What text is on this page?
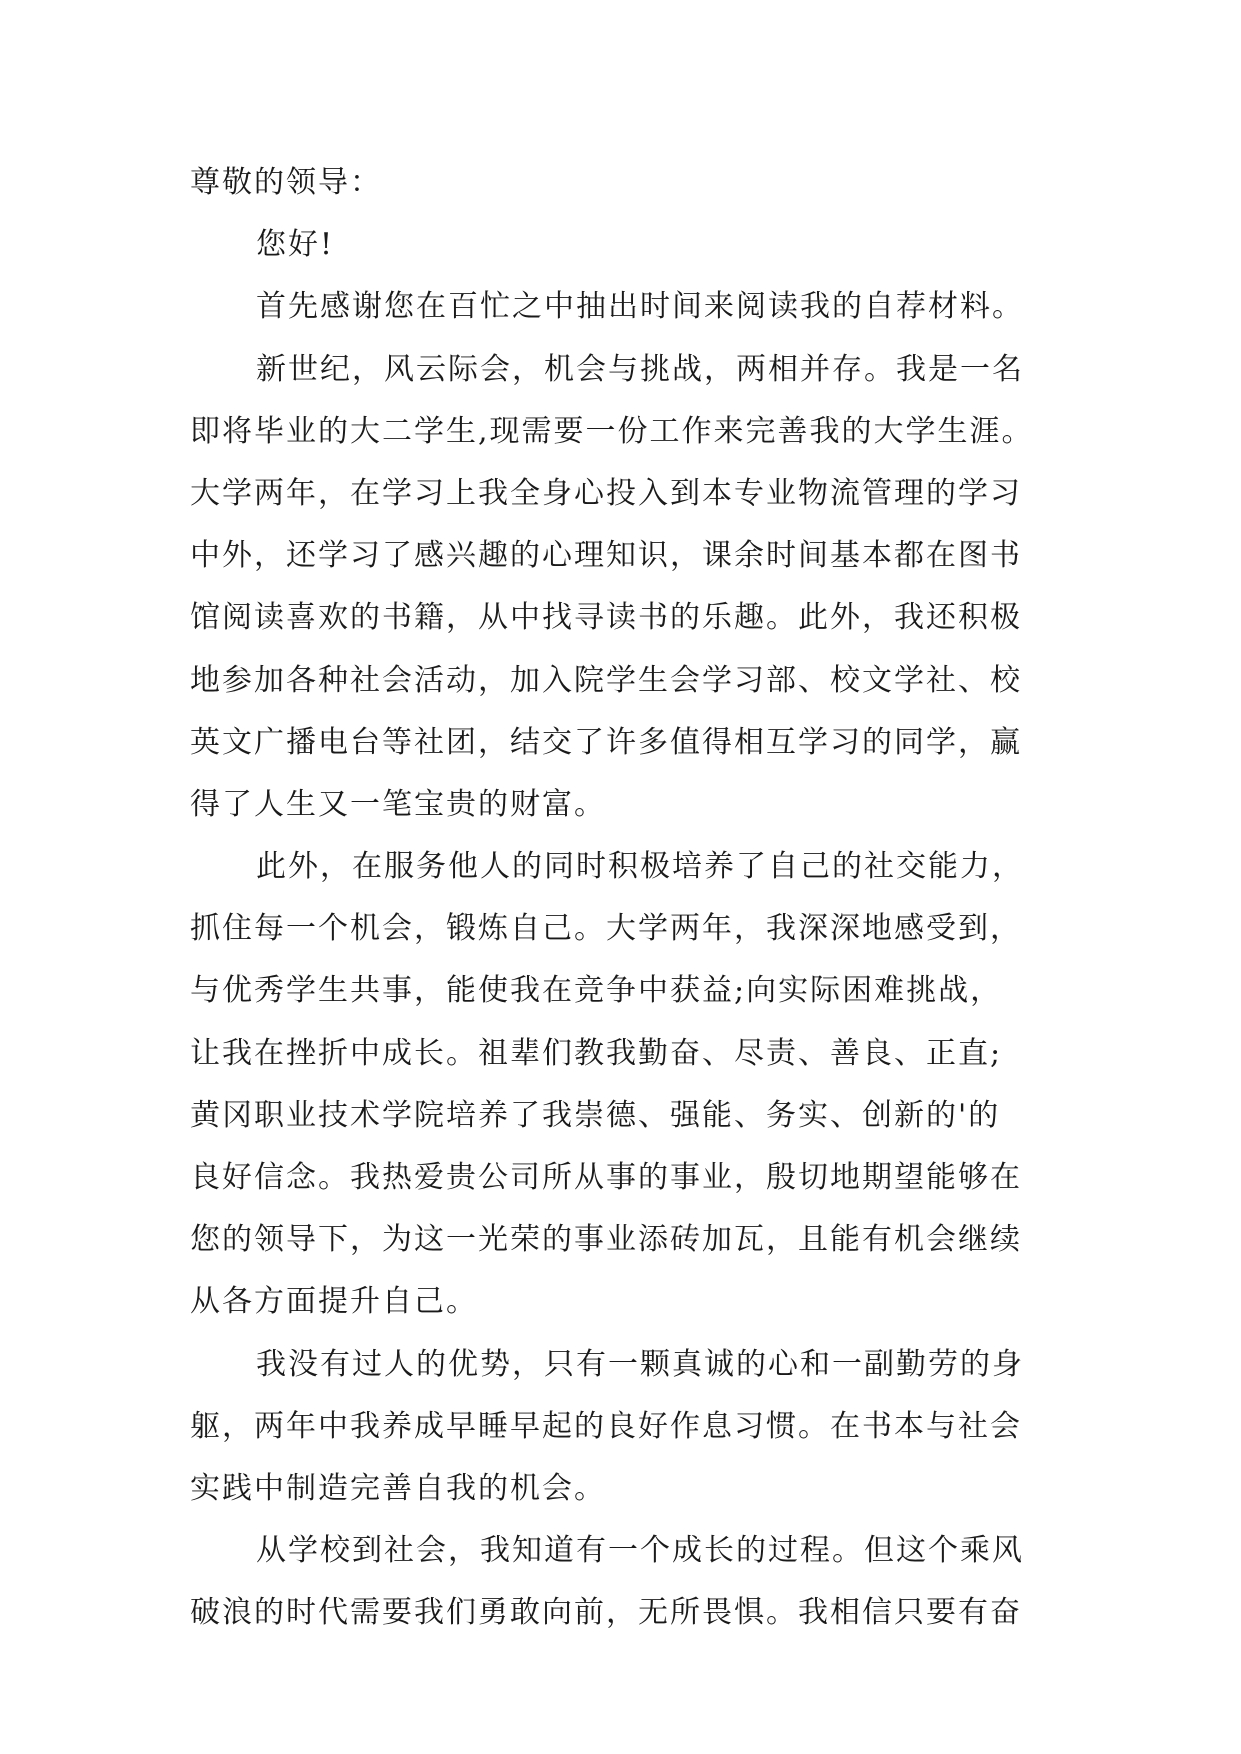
尊敬的领导：
您好!
首先感谢您在百忙之中抽出时间来阅读我的自荐材料。
新世纪，风云际会，机会与挑战，两相并存。我是一名
即将毕业的大二学生,现需要一份工作来完善我的大学生涯。
大学两年，在学习上我全身心投入到本专业物流管理的学习
中外，还学习了感兴趣的心理知识，课余时间基本都在图书
馆阅读喜欢的书籍，从中找寻读书的乐趣。此外，我还积极
地参加各种社会活动，加入院学生会学习部、校文学社、校
英文广播电台等社团，结交了许多值得相互学习的同学，赢
得了人生又一笔宝贵的财富。
此外，在服务他人的同时积极培养了自己的社交能力，
抓住每一个机会，锻炼自己。大学两年，我深深地感受到，
与优秀学生共事，能使我在竞争中获益;向实际困难挑战，
让我在挫折中成长。祖辈们教我勤奋、尽责、善良、正直;
黄冈职业技术学院培养了我崇德、强能、务实、创新的'的
良好信念。我热爱贵公司所从事的事业，殷切地期望能够在
您的领导下，为这一光荣的事业添砖加瓦，且能有机会继续
从各方面提升自己。
我没有过人的优势，只有一颗真诚的心和一副勤劳的身
躯，两年中我养成早睡早起的良好作息习惯。在书本与社会
实践中制造完善自我的机会。
从学校到社会，我知道有一个成长的过程。但这个乘风
破浪的时代需要我们勇敢向前，无所畏惧。我相信只要有奋
